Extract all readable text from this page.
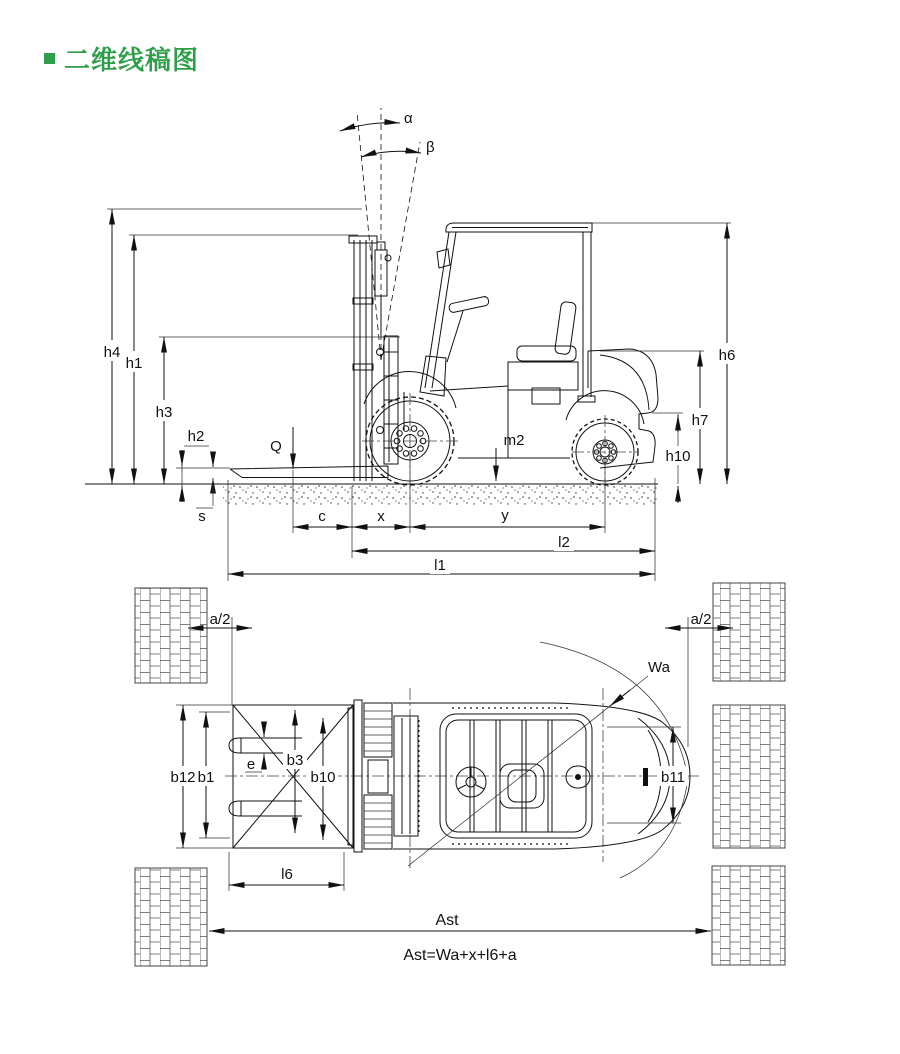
二维线稿图
α
β
h4
h1
h3
h2
s
h6
h7
h10
Q	m2
c	x	y
l2
l1
Wa
a/2	a/2
b12 b1
e b3
b10	b11
l6
Ast
Ast=Wa+x+l6+a
